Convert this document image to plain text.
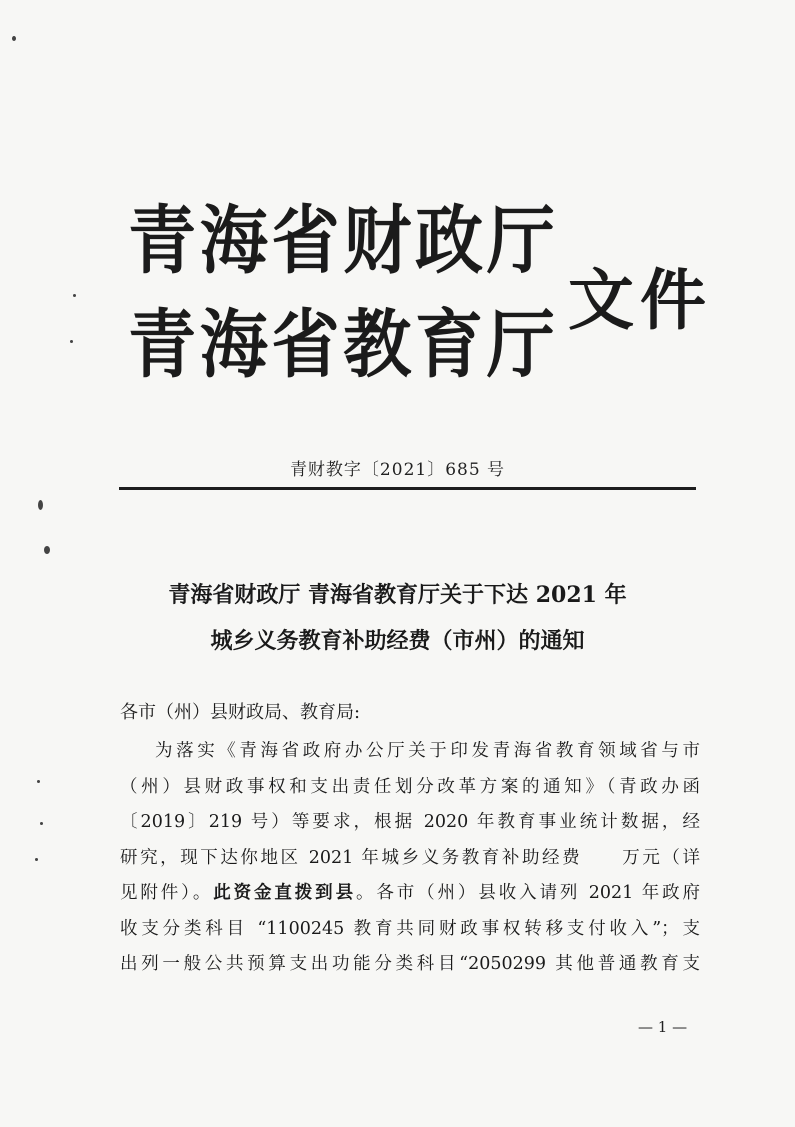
青海省财政厅
青海省教育厅
文件
青财教字〔2021〕685 号
青海省财政厅 青海省教育厅关于下达 2021 年
城乡义务教育补助经费（市州）的通知
各市（州）县财政局、教育局:
为落实《青海省政府办公厅关于印发青海省教育领域省与市
（州）县财政事权和支出责任划分改革方案的通知》（青政办函
〔2019〕219 号）等要求，根据 2020 年教育事业统计数据，经
研究，现下达你地区 2021 年城乡义务教育补助经费　　万元（详
见附件）。此资金直拨到县。各市（州）县收入请列 2021 年政府
收支分类科目 “1100245 教育共同财政事权转移支付收入”；支
出列一般公共预算支出功能分类科目“2050299 其他普通教育支
— 1 —
